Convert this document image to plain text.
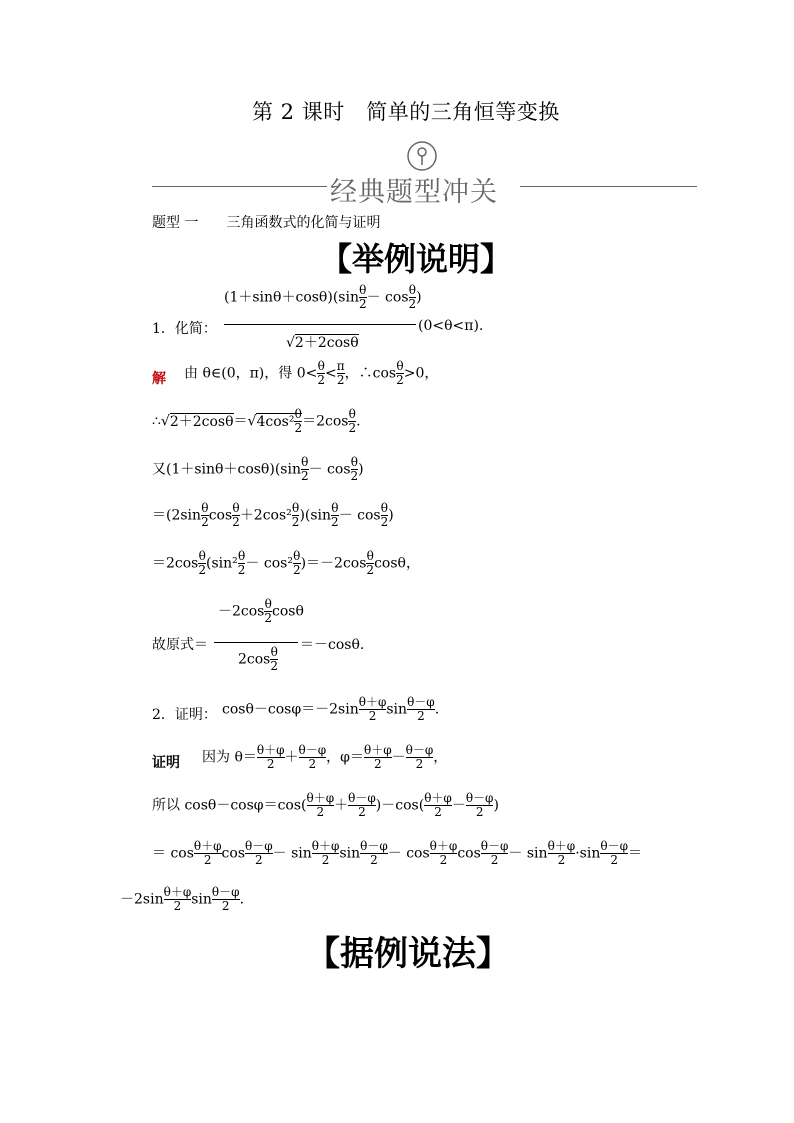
第 2 课时　简单的三角恒等变换
经典题型冲关
题型 一　　三角函数式的化简与证明
【举例说明】
$(1+\sin\theta+\cos\theta)(\sin \frac{\theta}{2} - \cos \frac{\theta}{2}$ )
1．化简：
√2＋2cosθ
(0<θ<π).
解 由 θ∈(0，π)，得 $0< \frac{\theta}{2} < \frac{\pi}{2}$ ，∴cos $\frac{\theta}{2} >0$，
∴√2＋2cosθ＝√4cos² $\frac{\theta}{2} =2\cos \frac{\theta}{2}$ .
又$(1+\sin\theta+\cos\theta)(\sin \frac{\theta}{2} - \cos \frac{\theta}{2}$ )
$=(2\sin \frac{\theta}{2}$ $\cos \frac{\theta}{2} +2\cos^2 \frac{\theta}{2} )(\sin \frac{\theta}{2} - \cos \frac{\theta}{2}$ )
$=2\cos \frac{\theta}{2} (\sin^2 \frac{\theta}{2} - \cos^2 \frac{\theta}{2} )=-2\cos \frac{\theta}{2}$ cosθ，
$-2\cos \frac{\theta}{2}$ cosθ
故原式＝
$2\cos \frac{\theta}{2}$
＝－cosθ.
2．证明： $\cos\theta-\cos\varphi=-2\sin \frac{\theta+\varphi}{2}$ $\sin \frac{\theta-\varphi}{2}$ .
证明 因为 $\theta= \frac{\theta+\varphi}{2} + \frac{\theta-\varphi}{2}$ ，$\varphi= \frac{\theta+\varphi}{2} - \frac{\theta-\varphi}{2}$ ，
所以 $\cos\theta-\cos\varphi=\cos( \frac{\theta+\varphi}{2} + \frac{\theta-\varphi}{2} )-\cos( \frac{\theta+\varphi}{2} - \frac{\theta-\varphi}{2}$ )
＝ $\cos \frac{\theta+\varphi}{2}$ $\cos \frac{\theta-\varphi}{2} - \sin \frac{\theta+\varphi}{2}$ $\sin \frac{\theta-\varphi}{2} - \cos \frac{\theta+\varphi}{2}$ $\cos \frac{\theta-\varphi}{2} - \sin \frac{\theta+\varphi}{2} \cdot\sin \frac{\theta-\varphi}{2}$ ＝
$-2\sin \frac{\theta+\varphi}{2}$ $\sin \frac{\theta-\varphi}{2}$ .
【据例说法】
